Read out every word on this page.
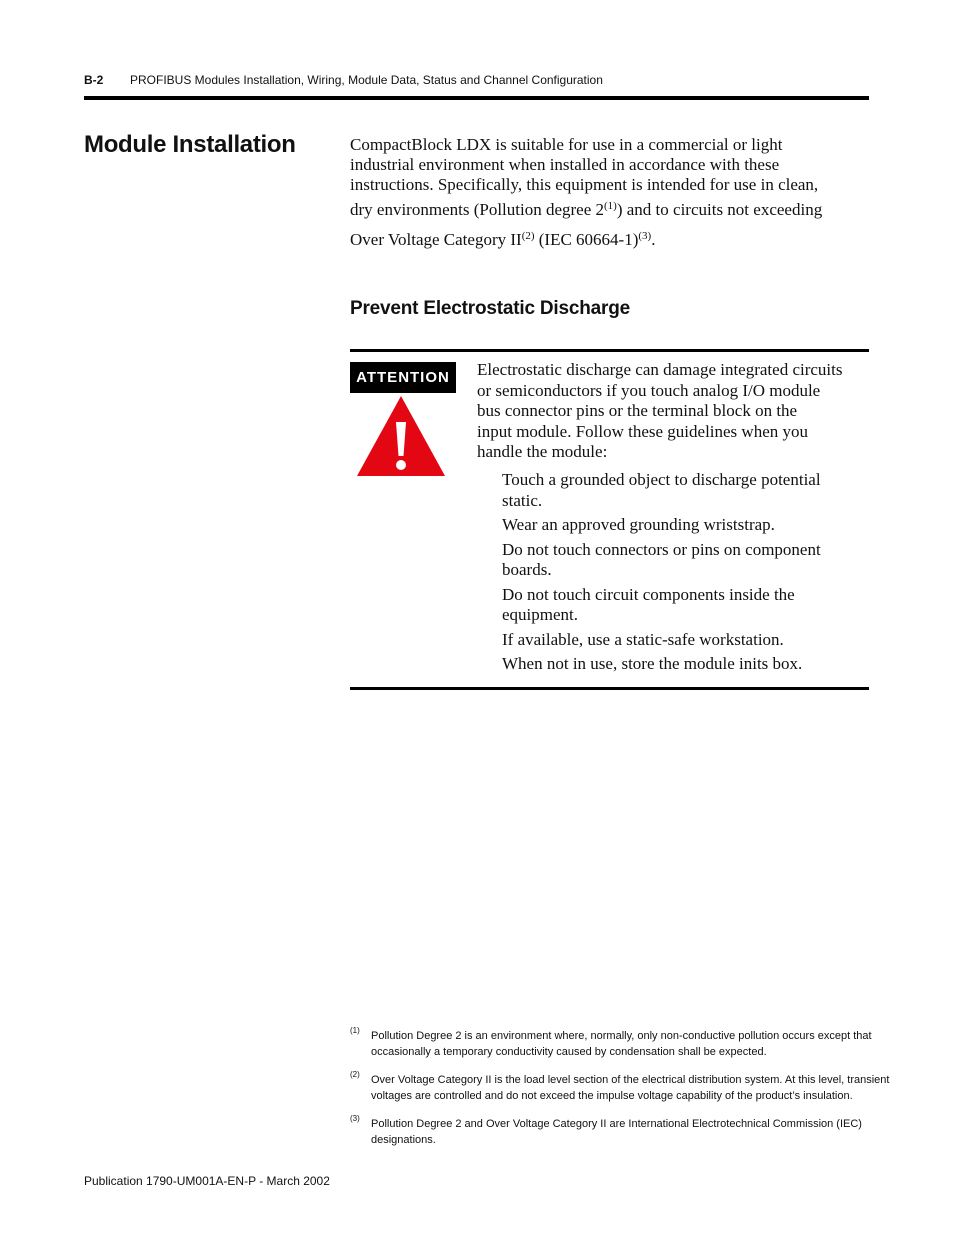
B-2 PROFIBUS Modules Installation, Wiring, Module Data, Status and Channel Configuration
Module Installation	CompactBlock LDX is suitable for use in a commercial or light
industrial environment when installed in accordance with these
instructions. Specifically, this equipment is intended for use in clean,
dry environments (Pollution degree 2$^{(1)}$) and to circuits not exceeding
Over Voltage Category II$^{(2)}$ (IEC 60664-1)$^{(3)}$.
Prevent Electrostatic Discharge
ATTENTION	Electrostatic discharge can damage integrated circuits
or semiconductors if you touch analog I/O module
bus connector pins or the terminal block on the
input module. Follow these guidelines when you
handle the module:
Touch a grounded object to discharge potential
static.
Wear an approved grounding wriststrap.
Do not touch connectors or pins on component
boards.
Do not touch circuit components inside the
equipment.
If available, use a static-safe workstation.
When not in use, store the module inits box.
(1) Pollution Degree 2 is an environment where, normally, only non-conductive pollution occurs except that
occasionally a temporary conductivity caused by condensation shall be expected.
(2) Over Voltage Category II is the load level section of the electrical distribution system. At this level, transient
voltages are controlled and do not exceed the impulse voltage capability of the product’s insulation.
(3) Pollution Degree 2 and Over Voltage Category II are International Electrotechnical Commission (IEC)
designations.
Publication 1790-UM001A-EN-P - March 2002
